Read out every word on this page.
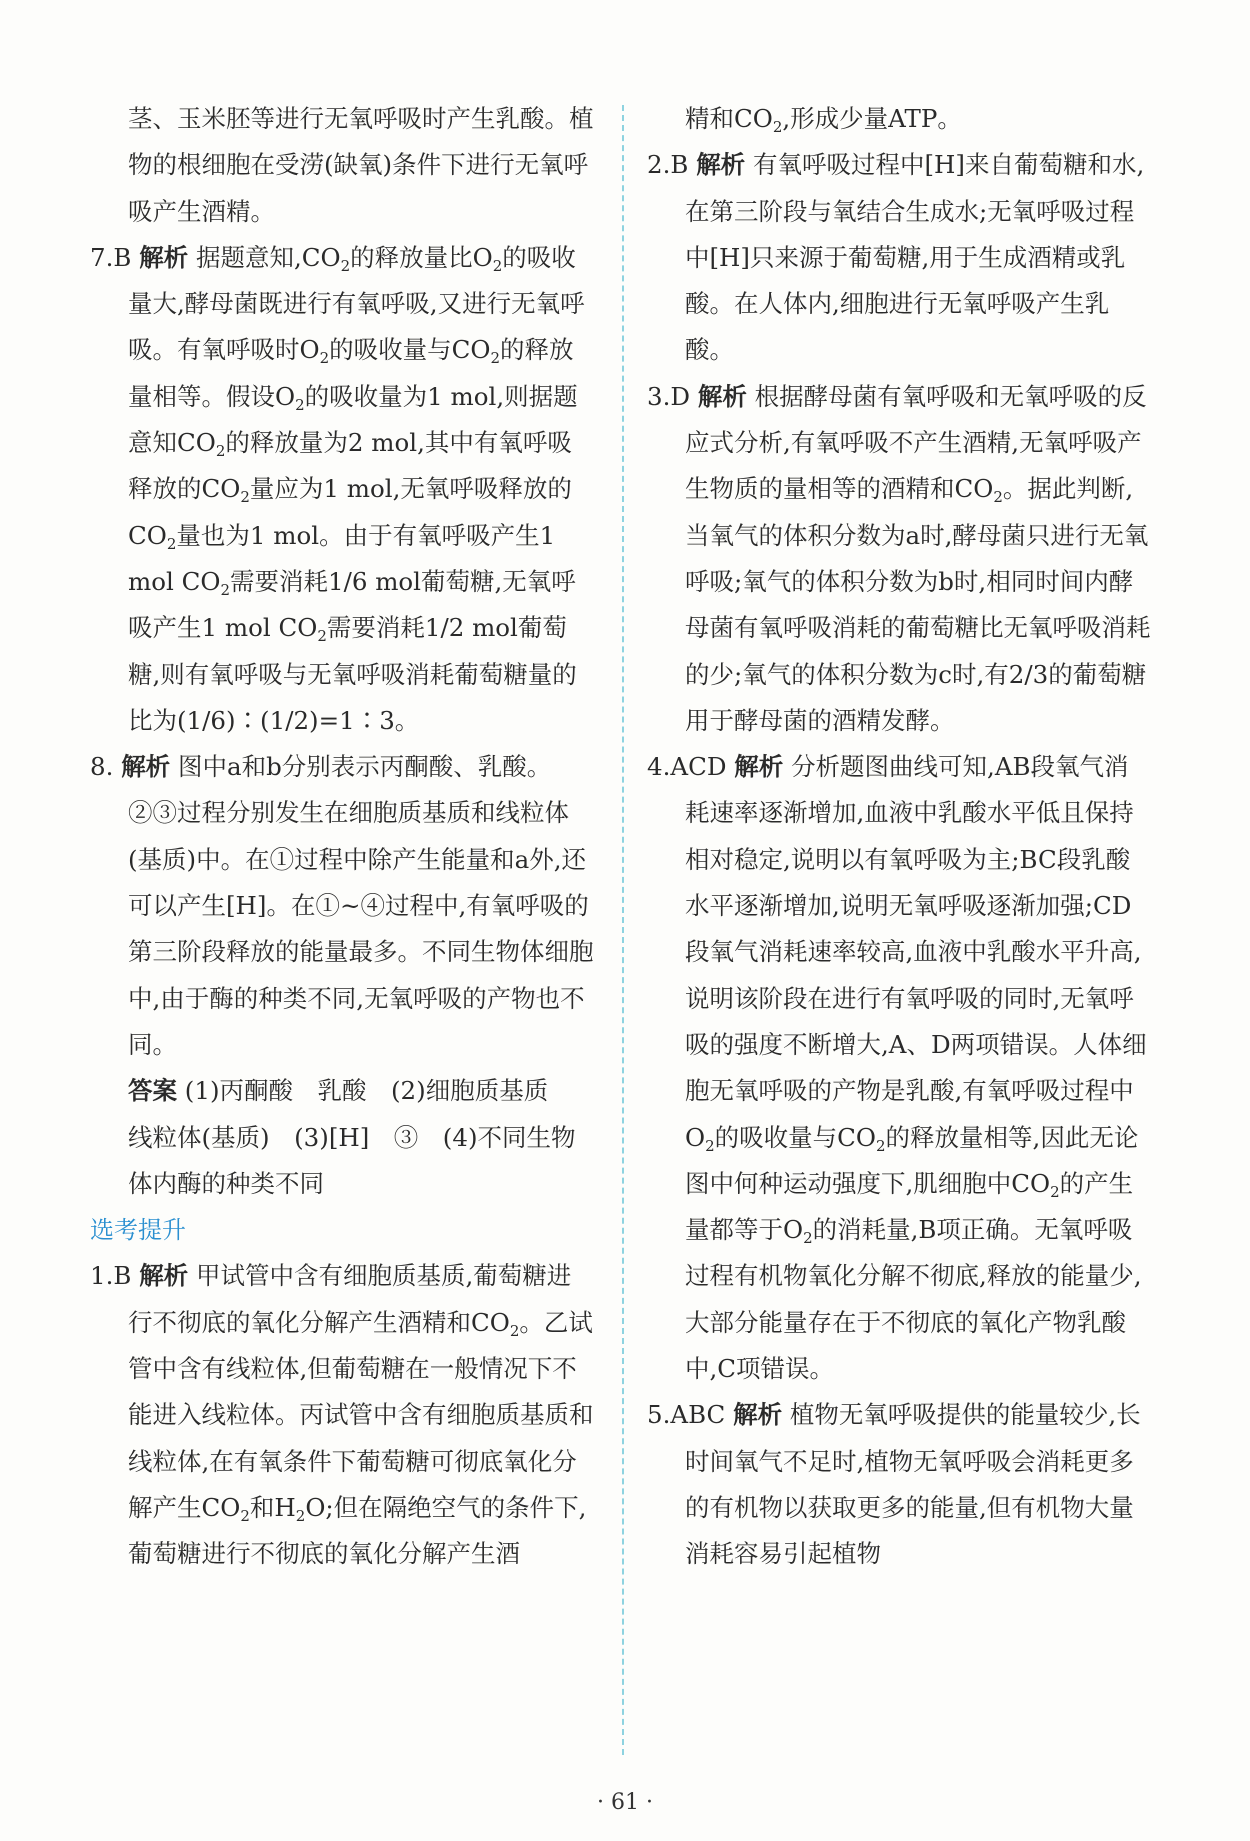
茎、玉米胚等进行无氧呼吸时产生乳酸。植物的根细胞在受涝(缺氧)条件下进行无氧呼吸产生酒精。

7.B 解析 据题意知$,CO_2$的释放量比$O_2$的吸收量大,酵母菌既进行有氧呼吸,又进行无氧呼吸。有氧呼吸时$O_2$的吸收量与$CO_2$的释放量相等。假设$O_2$的吸收量为1 mol,则据题意知$CO_2$的释放量为2 mol,其中有氧呼吸释放的$CO_2$量应为1 mol,无氧呼吸释放的$CO_2$量也为1 mol。由于有氧呼吸产生1 mol $CO_2$需要消耗1/6 mol葡萄糖,无氧呼吸产生1 mol $CO_2$需要消耗1/2 mol葡萄糖,则有氧呼吸与无氧呼吸消耗葡萄糖量的比为(1/6)∶(1/2)=1∶3。

8. 解析 图中a和b分别表示丙酮酸、乳酸。②③过程分别发生在细胞质基质和线粒体(基质)中。在①过程中除产生能量和a外,还可以产生[H]。在①~④过程中,有氧呼吸的第三阶段释放的能量最多。不同生物体细胞中,由于酶的种类不同,无氧呼吸的产物也不同。

答案 (1)丙酮酸　乳酸　(2)细胞质基质　线粒体(基质)　(3)[H]　③　(4)不同生物体内酶的种类不同

选考提升

1.B 解析 甲试管中含有细胞质基质,葡萄糖进行不彻底的氧化分解产生酒精和$CO_2$。乙试管中含有线粒体,但葡萄糖在一般情况下不能进入线粒体。丙试管中含有细胞质基质和线粒体,在有氧条件下葡萄糖可彻底氧化分解产生$CO_2$和$H_2O$;但在隔绝空气的条件下,葡萄糖进行不彻底的氧化分解产生酒

精和$CO_2$,形成少量ATP。

2.B 解析 有氧呼吸过程中[H]来自葡萄糖和水,在第三阶段与氧结合生成水;无氧呼吸过程中[H]只来源于葡萄糖,用于生成酒精或乳酸。在人体内,细胞进行无氧呼吸产生乳酸。

3.D 解析 根据酵母菌有氧呼吸和无氧呼吸的反应式分析,有氧呼吸不产生酒精,无氧呼吸产生物质的量相等的酒精和$CO_2$。据此判断,当氧气的体积分数为a时,酵母菌只进行无氧呼吸;氧气的体积分数为b时,相同时间内酵母菌有氧呼吸消耗的葡萄糖比无氧呼吸消耗的少;氧气的体积分数为c时,有2/3的葡萄糖用于酵母菌的酒精发酵。

4.ACD 解析 分析题图曲线可知,AB段氧气消耗速率逐渐增加,血液中乳酸水平低且保持相对稳定,说明以有氧呼吸为主;BC段乳酸水平逐渐增加,说明无氧呼吸逐渐加强;CD段氧气消耗速率较高,血液中乳酸水平升高,说明该阶段在进行有氧呼吸的同时,无氧呼吸的强度不断增大,A、D两项错误。人体细胞无氧呼吸的产物是乳酸,有氧呼吸过程中$O_2$的吸收量与$CO_2$的释放量相等,因此无论图中何种运动强度下,肌细胞中$CO_2$的产生量都等于$O_2$的消耗量,B项正确。无氧呼吸过程有机物氧化分解不彻底,释放的能量少,大部分能量存在于不彻底的氧化产物乳酸中,C项错误。

5.ABC 解析 植物无氧呼吸提供的能量较少,长时间氧气不足时,植物无氧呼吸会消耗更多的有机物以获取更多的能量,但有机物大量消耗容易引起植物

· 61 ·
